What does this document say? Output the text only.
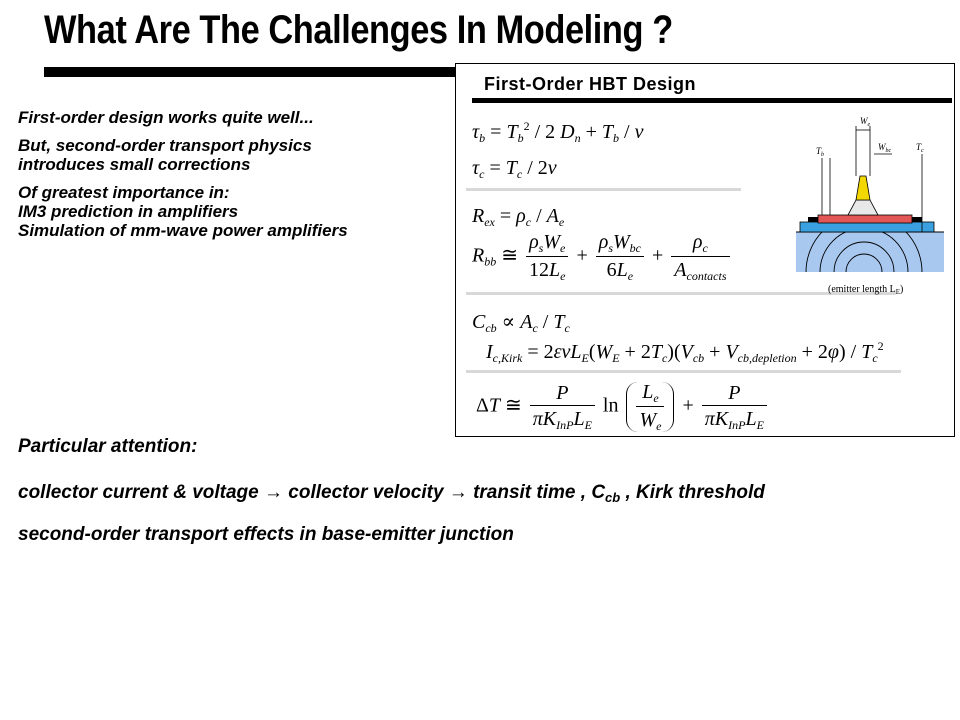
What Are The Challenges In Modeling ?

First-order design works quite well...

But, second-order transport physics
introduces small corrections

Of greatest importance in:
IM3 prediction in amplifiers
Simulation of mm-wave power amplifiers

First-Order HBT Design
$\tau_b = T_b^2 / 2$ $D_n + T_b / v$
$\tau_c = T_c / 2v$
$R_{ex} = \rho_c / A_e$
$R_{bb}$ ≅ $\frac{\rho_sW_e}{12L_e} + \frac{\rho_sW_{bc}}{6L_e} + \frac{\rho_c}{A_{contacts}}$
$C_{cb} \propto A_c / T_c$
$I_{c,Kirk} = 2\varepsilon vL_E(W_E + 2T_c)(V_{cb} + V_{cb,depletion} + 2\varphi) / T_c^2$
ΔT ≅ $\frac{P}{\pi K_{InP}L_E}$ $\ln \frac{L_e}{W_e} + \frac{P}{\pi K_{InP}L_E}$
$W_e$
$W_{bc}$
$T_b$
$T_c$
(emitter length $L_E$)
Particular attention:
collector current & voltage → collector velocity → transit time , $C_{cb}$ , Kirk threshold
second-order transport effects in base-emitter junction
